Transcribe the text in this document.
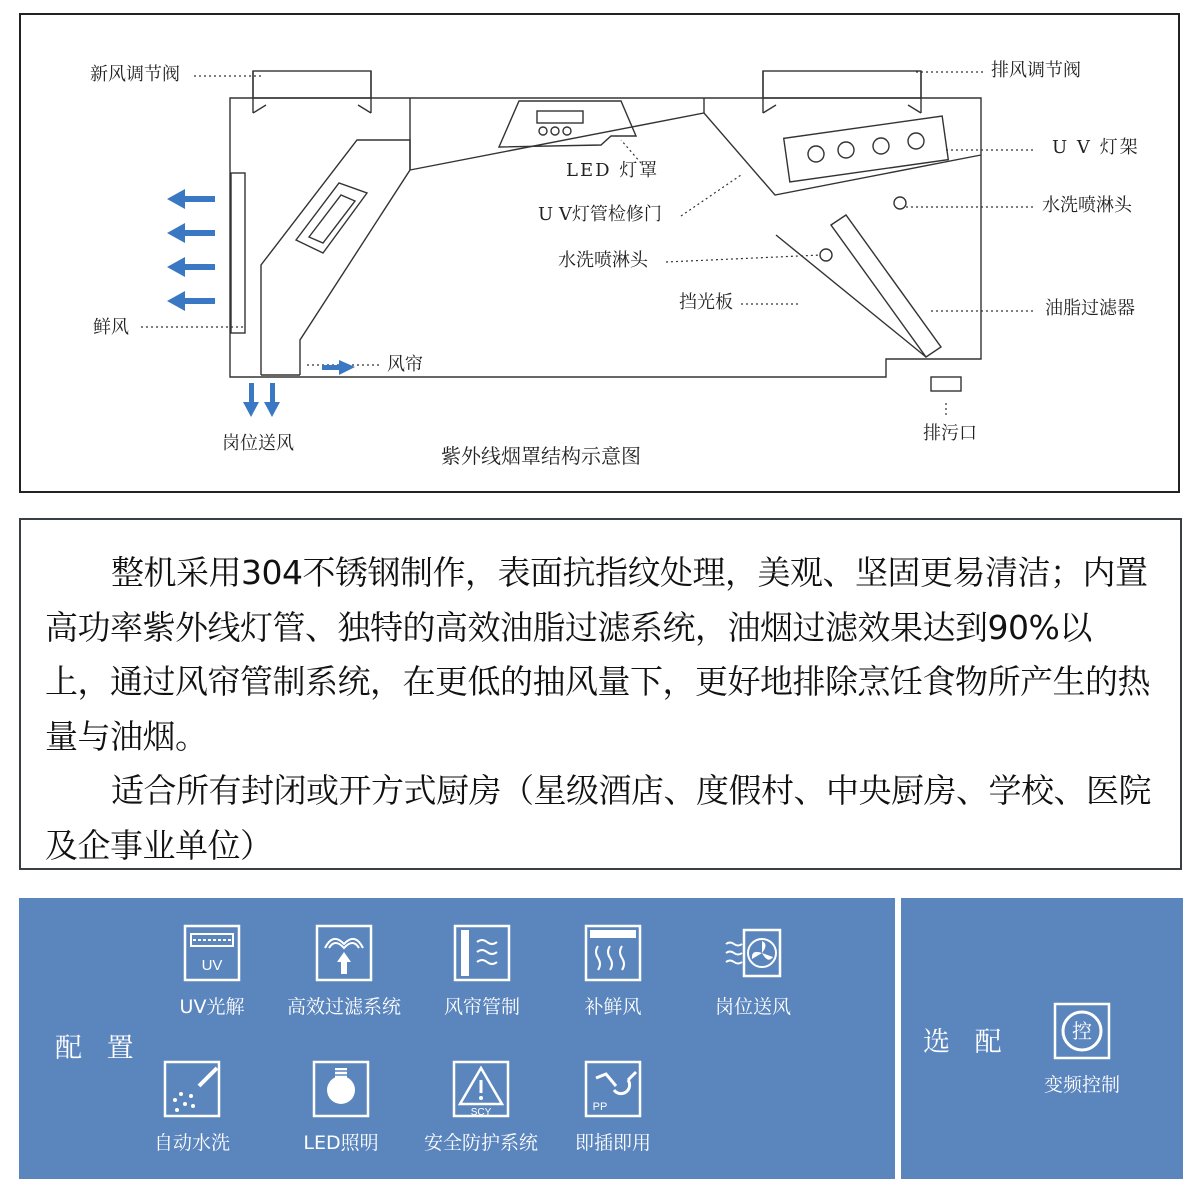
新风调节阀	排风调节阀
LED 灯罩
U V 灯架
U V灯管检修门	水洗喷淋头
水洗喷淋头
挡光板	油脂过滤器
鲜风
风帘
岗位送风	排污口
紫外线烟罩结构示意图

整机采用304不锈钢制作，表面抗指纹处理，美观、坚固更易清洁；内置高功率紫外线灯管、独特的高效油脂过滤系统，油烟过滤效果达到90%以上，通过风帘管制系统，在更低的抽风量下，更好地排除烹饪食物所产生的热量与油烟。

适合所有封闭或开方式厨房（星级酒店、度假村、中央厨房、学校、医院及企事业单位）

配 置
UV
UV光解	高效过滤系统	风帘管制	补鲜风	岗位送风
自动水洗	LED照明
SCY
安全防护系统
PP
即插即用
选 配	控
变频控制
